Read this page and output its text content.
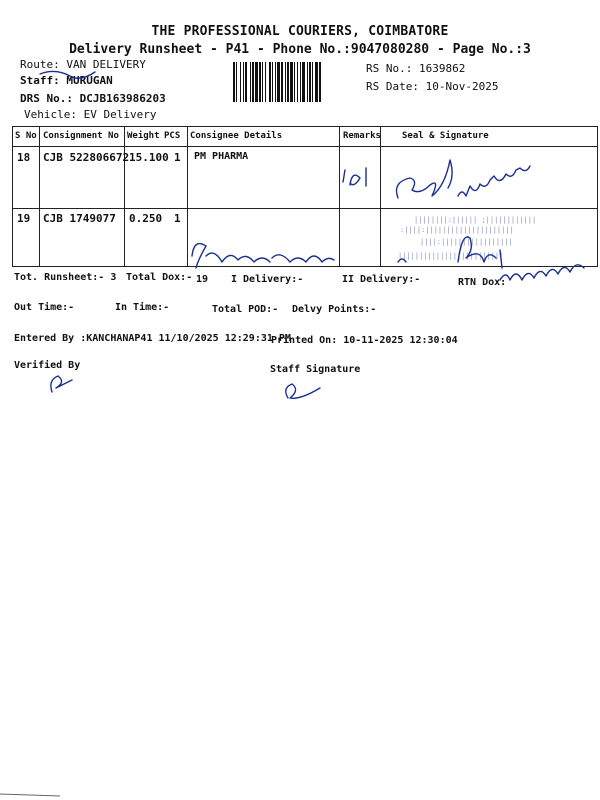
THE PROFESSIONAL COURIERS, COIMBATORE
Delivery Runsheet - P41 - Phone No.:9047080280 - Page No.:3
Route: VAN DELIVERY
Staff: MURUGAN
DRS No.: DCJB163986203
Vehicle: EV Delivery
RS No.: 1639862
RS Date: 10-Nov-2025
S No Consignment No Weight PCS Consignee Details	Remarks Seal & Signature
18 CJB 522806672 15.100 1 PM PHARMA
19 CJB 1749077 0.250 1
Tot. Runsheet:- 3 Total Dox:- 19 I Delivery:-	II Delivery:-	RTN Dox:
Out Time:-	In Time:-	Total POD:- Delvy Points:-
Entered By :KANCHANAP41 11/10/2025 12:29:31 PM
Printed On: 10-11-2025 12:30:04
Verified By	Staff Signature
||||||||:|||||| ;||||||||||||
:||||:|||||||||||||||||||||
||||:|||||||||||||||||
|||||||||||||||||||||||||
